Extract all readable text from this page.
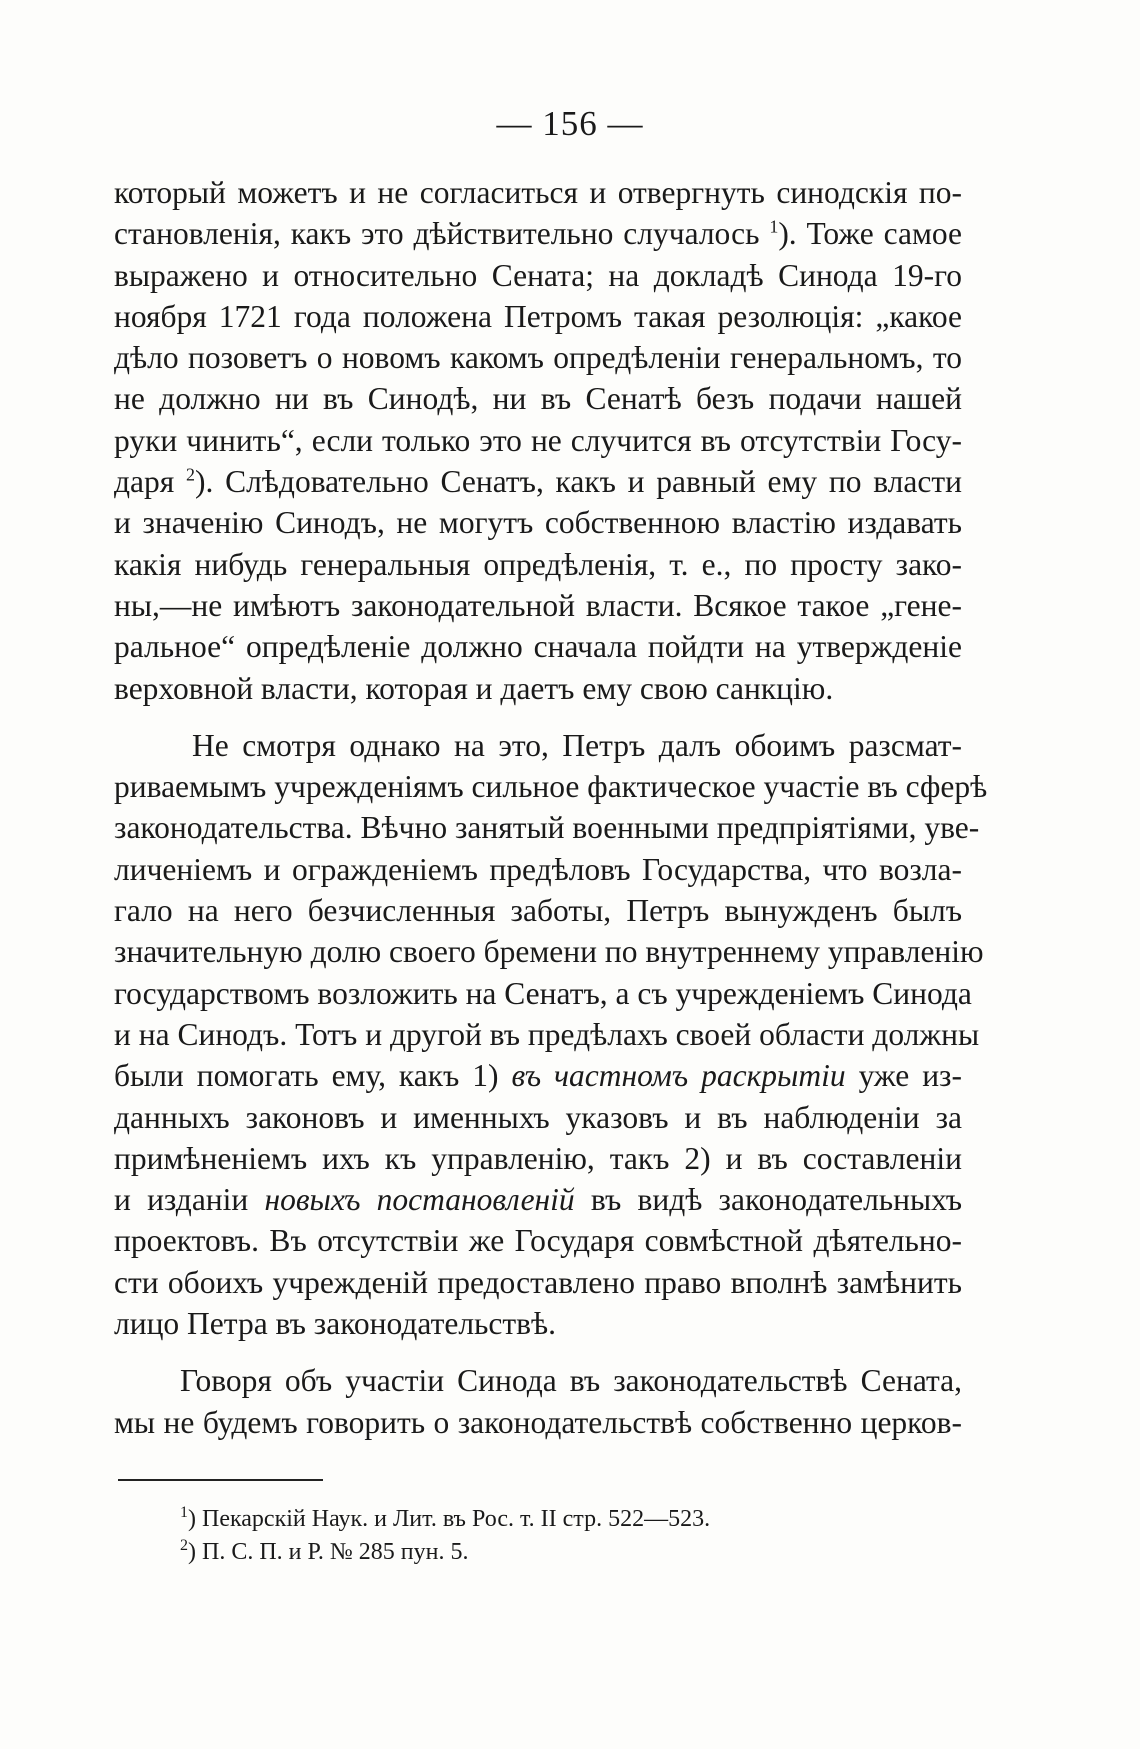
— 156 —
который можетъ и не согласиться и отвергнуть синодскія по-
становленія, какъ это дѣйствительно случалось $^1$). Тоже самое
выражено и относительно Сената; на докладѣ Синода 19-го
ноября 1721 года положена Петромъ такая резолюція: „какое
дѣло позоветъ о новомъ какомъ опредѣленіи генеральномъ, то
не должно ни въ Синодѣ, ни въ Сенатѣ безъ подачи нашей
руки чинить“, если только это не случится въ отсутствіи Госу-
даря $^2$). Слѣдовательно Сенатъ, какъ и равный ему по власти
и значенію Синодъ, не могутъ собственною властію издавать
какія нибудь генеральныя опредѣленія, т. е., по просту зако-
ны,—не имѣютъ законодательной власти. Всякое такое „гене-
ральное“ опредѣленіе должно сначала пойдти на утвержденіе
верховной власти, которая и даетъ ему свою санкцію.
Не смотря однако на это, Петръ далъ обоимъ разсмат-
риваемымъ учрежденіямъ сильное фактическое участіе въ сферѣ
законодательства. Вѣчно занятый военными предпріятіями, уве-
личеніемъ и огражденіемъ предѣловъ Государства, что возла-
гало на него безчисленныя заботы, Петръ вынужденъ былъ
значительную долю своего бремени по внутреннему управленію
государствомъ возложить на Сенатъ, а съ учрежденіемъ Синода
и на Синодъ. Тотъ и другой въ предѣлахъ своей области должны
были помогать ему, какъ 1) въ частномъ раскрытіи уже из-
данныхъ законовъ и именныхъ указовъ и въ наблюденіи за
примѣненіемъ ихъ къ управленію, такъ 2) и въ составленіи
и изданіи новыхъ постановленій въ видѣ законодательныхъ
проектовъ. Въ отсутствіи же Государя совмѣстной дѣятельно-
сти обоихъ учрежденій предоставлено право вполнѣ замѣнить
лицо Петра въ законодательствѣ.
Говоря объ участіи Синода въ законодательствѣ Сената,
мы не будемъ говорить о законодательствѣ собственно церков-
$^1$) Пекарскій Наук. и Лит. въ Рос. т. II стр. 522—523.
$^2$) П. С. П. и Р. № 285 пун. 5.
